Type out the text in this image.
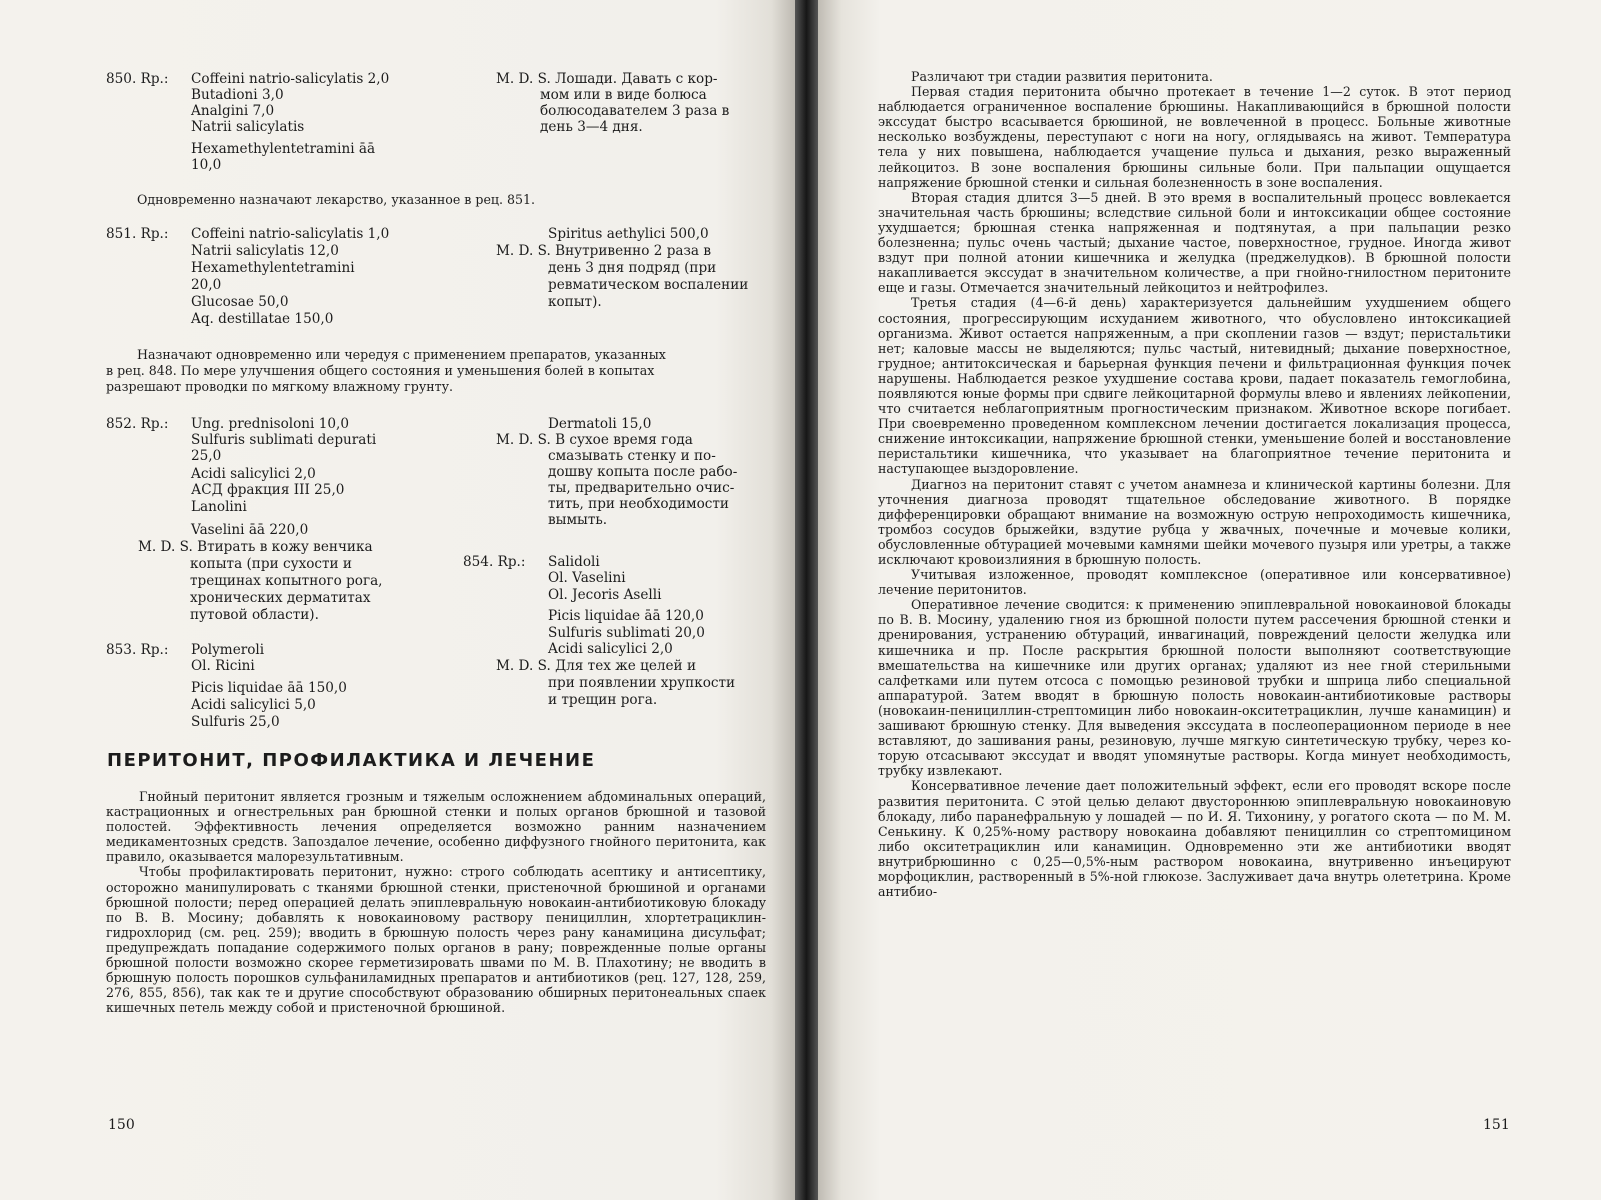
850. Rp.: Coffeini natrio-salicylatis 2,0
Butadioni 3,0
Analgini 7,0
Natrii salicylatis
Hexamethylentetramini āā
10,0
M. D. S. Лошади. Давать с кор-
мом или в виде болюса
болюсодавателем 3 раза в
день 3—4 дня.
Одновременно назначают лекарство, указанное в рец. 851.
851. Rp.: Coffeini natrio-salicylatis 1,0
Natrii salicylatis 12,0
Hexamethylentetramini
20,0
Glucosae 50,0
Aq. destillatae 150,0
Spiritus aethylici 500,0
M. D. S. Внутривенно 2 раза в
день 3 дня подряд (при
ревматическом воспалении
копыт).
Назначают одновременно или чередуя с применением препаратов, указанных
в рец. 848. По мере улучшения общего состояния и уменьшения болей в копытах
разрешают проводки по мягкому влажному грунту.
852. Rp.: Ung. prednisoloni 10,0
Sulfuris sublimati depurati
25,0
Acidi salicylici 2,0
АСД фракция III 25,0
Lanolini
Vaselini āā 220,0
M. D. S. Втирать в кожу венчика
копыта (при сухости и
трещинах копытного рога,
хронических дерматитах
путовой области).
Dermatoli 15,0
M. D. S. В сухое время года
смазывать стенку и по-
дошву копыта после рабо-
ты, предварительно очис-
тить, при необходимости
вымыть.
854. Rp.: Salidoli
Ol. Vaselini
Ol. Jecoris Aselli
Picis liquidae āā 120,0
Sulfuris sublimati 20,0
Acidi salicylici 2,0
M. D. S. Для тех же целей и
при появлении хрупкости
и трещин рога.
853. Rp.: Polymeroli
Ol. Ricini
Picis liquidae āā 150,0
Acidi salicylici 5,0
Sulfuris 25,0
ПЕРИТОНИТ, ПРОФИЛАКТИКА И ЛЕЧЕНИЕ

Гнойный перитонит является грозным и тяжелым осложнением абдоминальных операций, кастрационных и огнестрельных ран брюшной стенки и полых органов брюшной и тазовой полостей. Эффективность лечения определяется возможно ранним назначением медикаментозных средств. Запоздалое лечение, особенно диффузного гнойного перитонита, как правило, оказывается малорезультативным.

Чтобы профилактировать перитонит, нужно: строго соблюдать асептику и антисептику, осторожно манипулировать с тканями брюшной стенки, пристеночной брюшиной и органами брюшной полости; перед операцией делать эпиплевральную новокаин-антибиотиковую блокаду по В. В. Мосину; добавлять к новокаиновому раствору пенициллин, хлортетрациклин-гидрохлорид (см. рец. 259); вводить в брюшную полость через рану канамицина дисульфат; предупреждать попадание содержимого полых органов в рану; поврежденные полые органы брюшной полости возможно скорее герметизировать швами по М. В. Плахотину; не вводить в брюшную полость порошков сульфаниламидных препаратов и антибиотиков (рец. 127, 128, 259, 276, 855, 856), так как те и другие способствуют образованию обширных перитонеальных спаек кишечных петель между собой и пристеночной брюшиной.

150

Различают три стадии развития перитонита.

Первая стадия перитонита обычно протекает в течение 1—2 суток. В этот период наблюдается ограниченное воспаление брюшины. Накапливающийся в брюшной полости экссудат быстро всасывается брюшиной, не вовлеченной в процесс. Больные животные несколько возбуждены, переступают с ноги на ногу, оглядываясь на живот. Температура тела у них повышена, наблюдается учащение пульса и дыхания, резко выраженный лейкоцитоз. В зоне воспаления брюшины сильные боли. При пальпации ощущается напряжение брюшной стенки и сильная болезненность в зоне воспаления.

Вторая стадия длится 3—5 дней. В это время в воспалительный процесс вовлекается значительная часть брюшины; вследствие сильной боли и интоксикации общее состояние ухудшается; брюшная стенка напряженная и подтянутая, а при пальпации резко болезненна; пульс очень частый; дыхание частое, поверхностное, грудное. Иногда живот вздут при полной атонии кишечника и желудка (преджелудков). В брюшной полости накапливается экссудат в значительном количестве, а при гнойно-гнилостном перитоните еще и газы. Отмечается значительный лейкоцитоз и нейтрофилез.

Третья стадия (4—6-й день) характеризуется дальнейшим ухудшением общего состояния, прогрессирующим исхуданием животного, что обусловлено интоксикацией организма. Живот остается напряженным, а при скоплении газов — вздут; перистальтики нет; каловые массы не выделяются; пульс частый, нитевидный; дыхание поверхностное, грудное; антитоксическая и барьерная функция печени и фильтрационная функция почек нарушены. Наблюдается резкое ухудшение состава крови, падает показатель гемоглобина, появляются юные формы при сдвиге лейкоцитарной формулы влево и явлениях лейкопении, что считается неблагоприятным прогностическим признаком. Животное вскоре погибает. При своевременно проведенном комплексном лечении достигается локализация процесса, снижение интоксикации, напряжение брюшной стенки, уменьшение болей и восстановление перистальтики кишечника, что указывает на благоприятное течение перитонита и наступающее выздоровление.

Диагноз на перитонит ставят с учетом анамнеза и клинической картины болезни. Для уточнения диагноза проводят тщательное обследование животного. В порядке дифференцировки обращают внимание на возможную острую непроходимость кишечника, тромбоз сосудов брыжейки, вздутие рубца у жвачных, почечные и мочевые колики, обусловленные обтурацией мочевыми камнями шейки мочевого пузыря или уретры, а также исключают кровоизлияния в брюшную полость.

Учитывая изложенное, проводят комплексное (оперативное или консервативное) лечение перитонитов.

Оперативное лечение сводится: к применению эпиплевральной новокаиновой блокады по В. В. Мосину, удалению гноя из брюшной полости путем рассечения брюшной стенки и дренирования, устранению обтураций, инвагинаций, повреждений целости желудка или кишечника и пр. После раскрытия брюшной полости выполняют соответствующие вмешательства на кишечнике или других органах; удаляют из нее гной стерильными салфетками или путем отсоса с помощью резиновой трубки и шприца либо специальной аппаратурой. Затем вводят в брюшную полость новокаин-антибиотиковые растворы (новокаин-пенициллин-стрептомицин либо новокаин-окситетрациклин, лучше канамицин) и зашивают брюшную стенку. Для выведения экссудата в послеоперационном периоде в нее вставляют, до зашивания раны, резиновую, лучше мягкую синтетическую трубку, через которую отсасывают экссудат и вводят упомянутые растворы. Когда минует необходимость, трубку извлекают.

Консервативное лечение дает положительный эффект, если его проводят вскоре после развития перитонита. С этой целью делают двустороннюю эпиплевральную новокаиновую блокаду, либо паранефральную у лошадей — по И. Я. Тихонину, у рогатого скота — по М. М. Сенькину. К 0,25%-ному раствору новокаина добавляют пенициллин со стрептомицином либо окситетрациклин или канамицин. Одновременно эти же антибиотики вводят внутрибрюшинно с 0,25—0,5%-ным раствором новокаина, внутривенно инъецируют морфоциклин, растворенный в 5%-ной глюкозе. Заслуживает дача внутрь олететрина. Кроме антибио-

151
